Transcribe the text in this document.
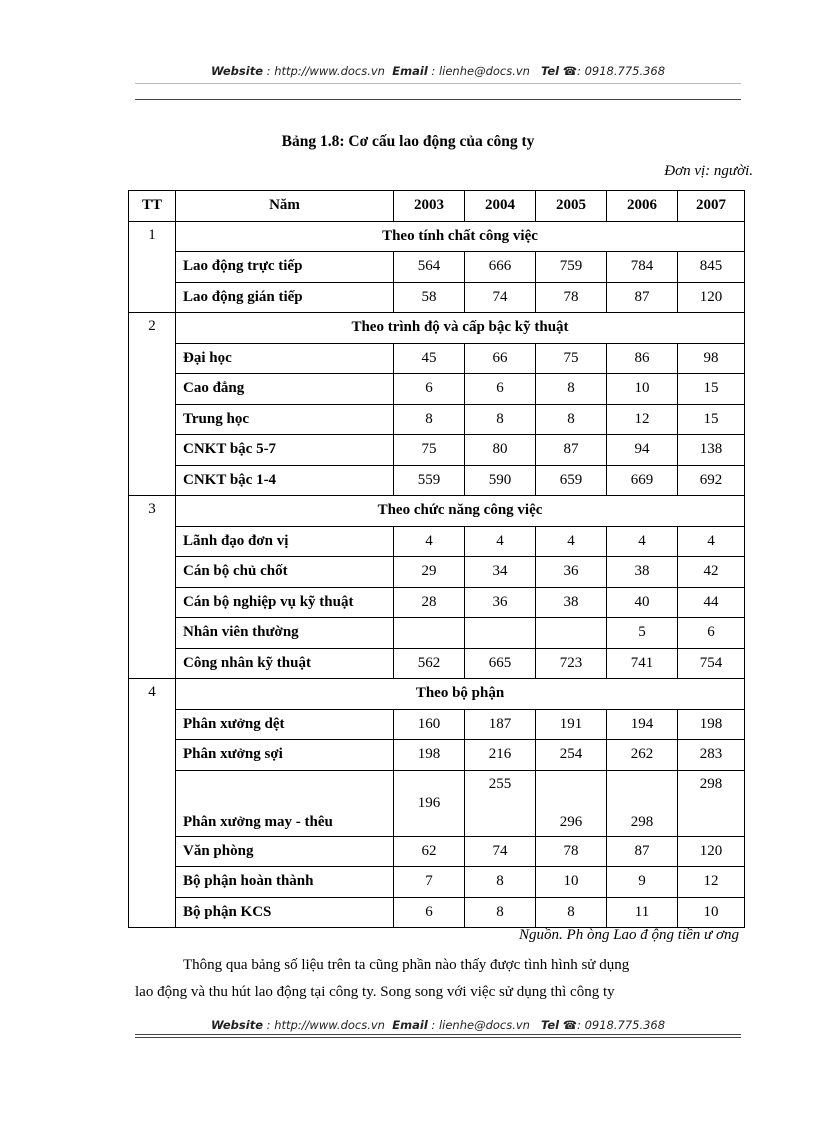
Website : http://www.docs.vn Email : lienhe@docs.vn Tel ☎: 0918.775.368
Bảng 1.8: Cơ cấu lao động của công ty
Đơn vị: người.
TT	Năm	2003	2004	2005	2006	2007
1	Theo tính chất công việc					
	Lao động trực tiếp	564	666	759	784	845
	Lao động gián tiếp	58	74	78	87	120
2	Theo trình độ và cấp bậc kỹ thuật					
	Đại học	45	66	75	86	98
	Cao đẳng	6	6	8	10	15
	Trung học	8	8	8	12	15
	CNKT bậc 5-7	75	80	87	94	138
	CNKT bậc 1-4	559	590	659	669	692
3	Theo chức năng công việc					
	Lãnh đạo đơn vị	4	4	4	4	4
	Cán bộ chủ chốt	29	34	36	38	42
	Cán bộ nghiệp vụ kỹ thuật	28	36	38	40	44
	Nhân viên thường				5	6
	Công nhân kỹ thuật	562	665	723	741	754
4	Theo bộ phận					
	Phân xưởng dệt	160	187	191	194	198
	Phân xưởng sợi	198	216	254	262	283
	Phân xưởng may - thêu	196	255	296	298	298
	Văn phòng	62	74	78	87	120
	Bộ phận hoàn thành	7	8	10	9	12
	Bộ phận KCS	6	8	8	11	10
Nguồn. Ph òng Lao đ ộng tiền ư ơng
Thông qua bảng số liệu trên ta cũng phần nào thấy được tình hình sử dụng
lao động và thu hút lao động tại công ty. Song song với việc sử dụng thì công ty
Website : http://www.docs.vn Email : lienhe@docs.vn Tel ☎: 0918.775.368
